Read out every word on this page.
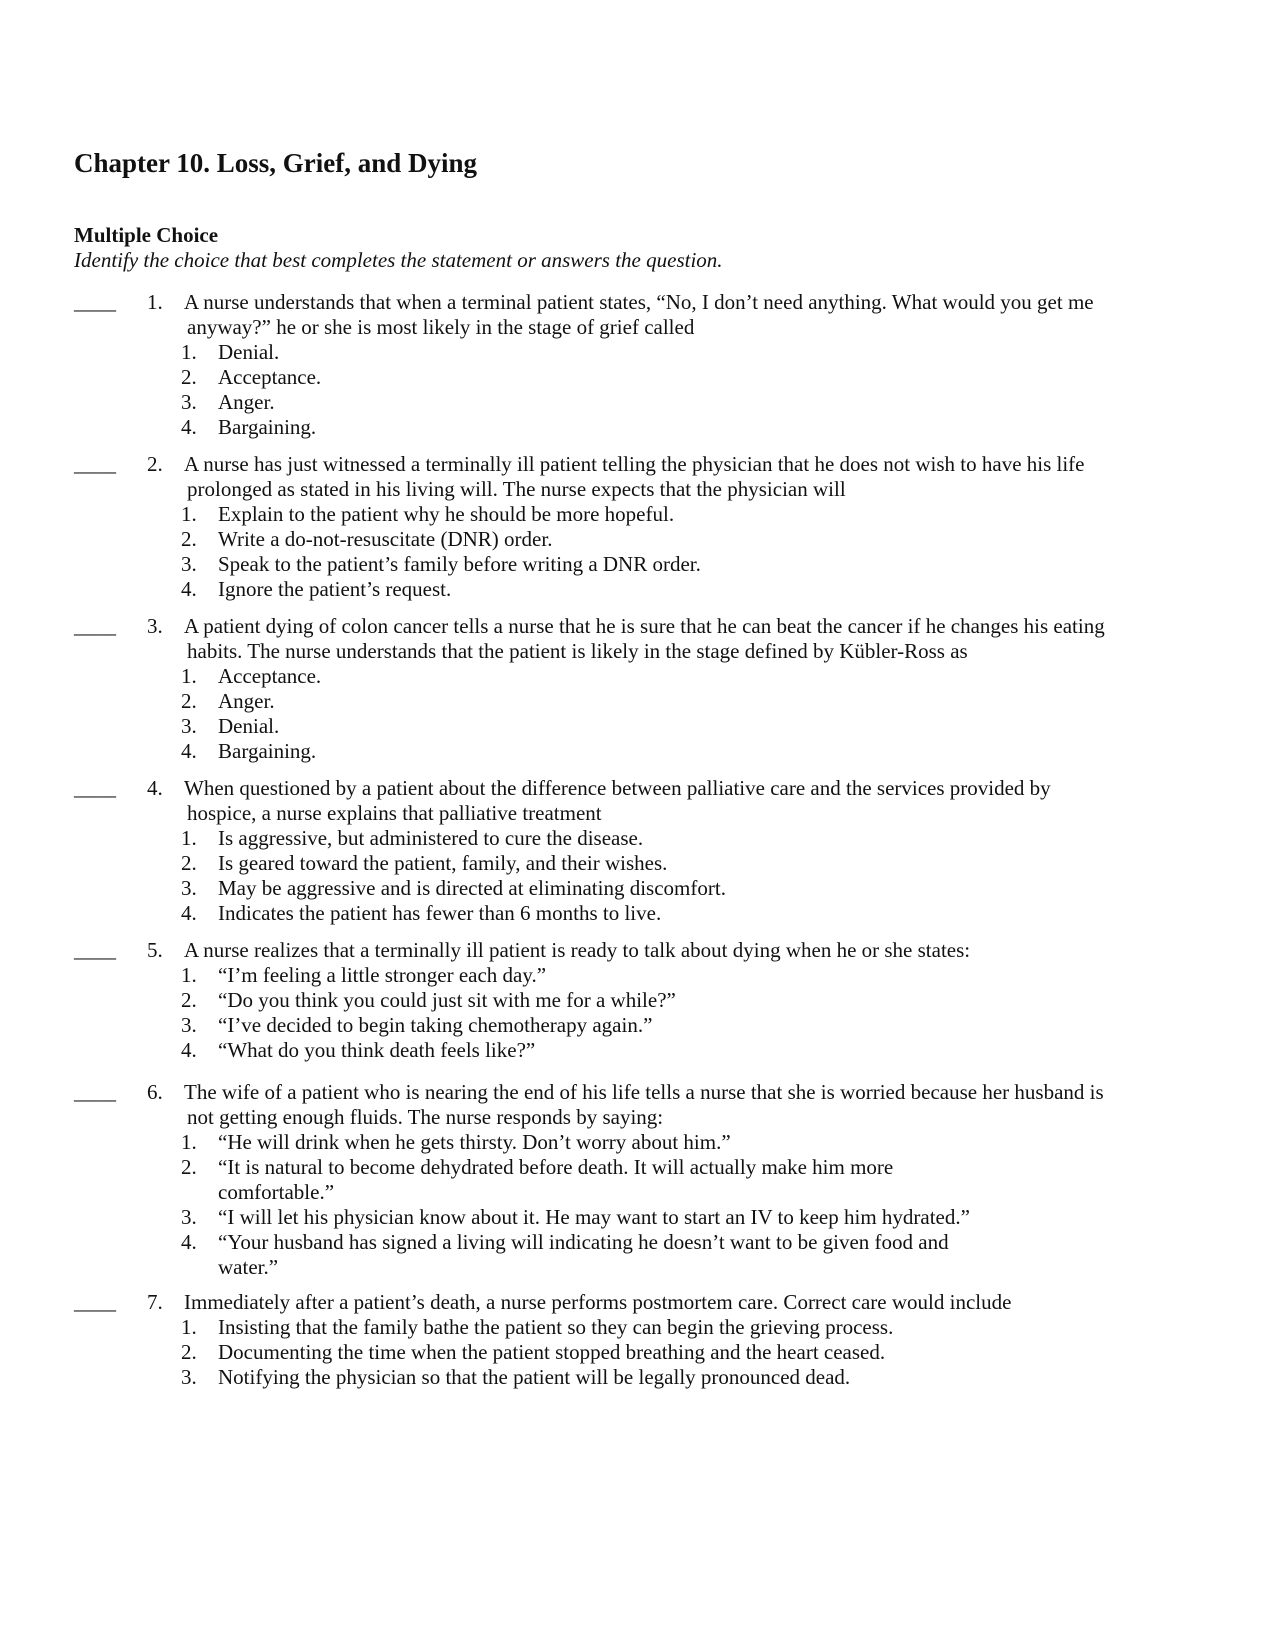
Chapter 10. Loss, Grief, and Dying
Multiple Choice

Identify the choice that best completes the statement or answers the question.

____ 1. A nurse understands that when a terminal patient states, “No, I don’t need anything. What would you get me
anyway?” he or she is most likely in the stage of grief called
1. Denial.
2. Acceptance.
3. Anger.
4. Bargaining.
____ 2. A nurse has just witnessed a terminally ill patient telling the physician that he does not wish to have his life
prolonged as stated in his living will. The nurse expects that the physician will
1. Explain to the patient why he should be more hopeful.
2. Write a do-not-resuscitate (DNR) order.
3. Speak to the patient’s family before writing a DNR order.
4. Ignore the patient’s request.
____ 3. A patient dying of colon cancer tells a nurse that he is sure that he can beat the cancer if he changes his eating
habits. The nurse understands that the patient is likely in the stage defined by Kübler-Ross as
1. Acceptance.
2. Anger.
3. Denial.
4. Bargaining.
____ 4. When questioned by a patient about the difference between palliative care and the services provided by
hospice, a nurse explains that palliative treatment
1. Is aggressive, but administered to cure the disease.
2. Is geared toward the patient, family, and their wishes.
3. May be aggressive and is directed at eliminating discomfort.
4. Indicates the patient has fewer than 6 months to live.
____ 5. A nurse realizes that a terminally ill patient is ready to talk about dying when he or she states:
1. “I’m feeling a little stronger each day.”
2. “Do you think you could just sit with me for a while?”
3. “I’ve decided to begin taking chemotherapy again.”
4. “What do you think death feels like?”
____ 6. The wife of a patient who is nearing the end of his life tells a nurse that she is worried because her husband is
not getting enough fluids. The nurse responds by saying:
1. “He will drink when he gets thirsty. Don’t worry about him.”
2. “It is natural to become dehydrated before death. It will actually make him more
comfortable.”
3. “I will let his physician know about it. He may want to start an IV to keep him hydrated.”
4. “Your husband has signed a living will indicating he doesn’t want to be given food and
water.”
____ 7. Immediately after a patient’s death, a nurse performs postmortem care. Correct care would include
1. Insisting that the family bathe the patient so they can begin the grieving process.
2. Documenting the time when the patient stopped breathing and the heart ceased.
3. Notifying the physician so that the patient will be legally pronounced dead.
